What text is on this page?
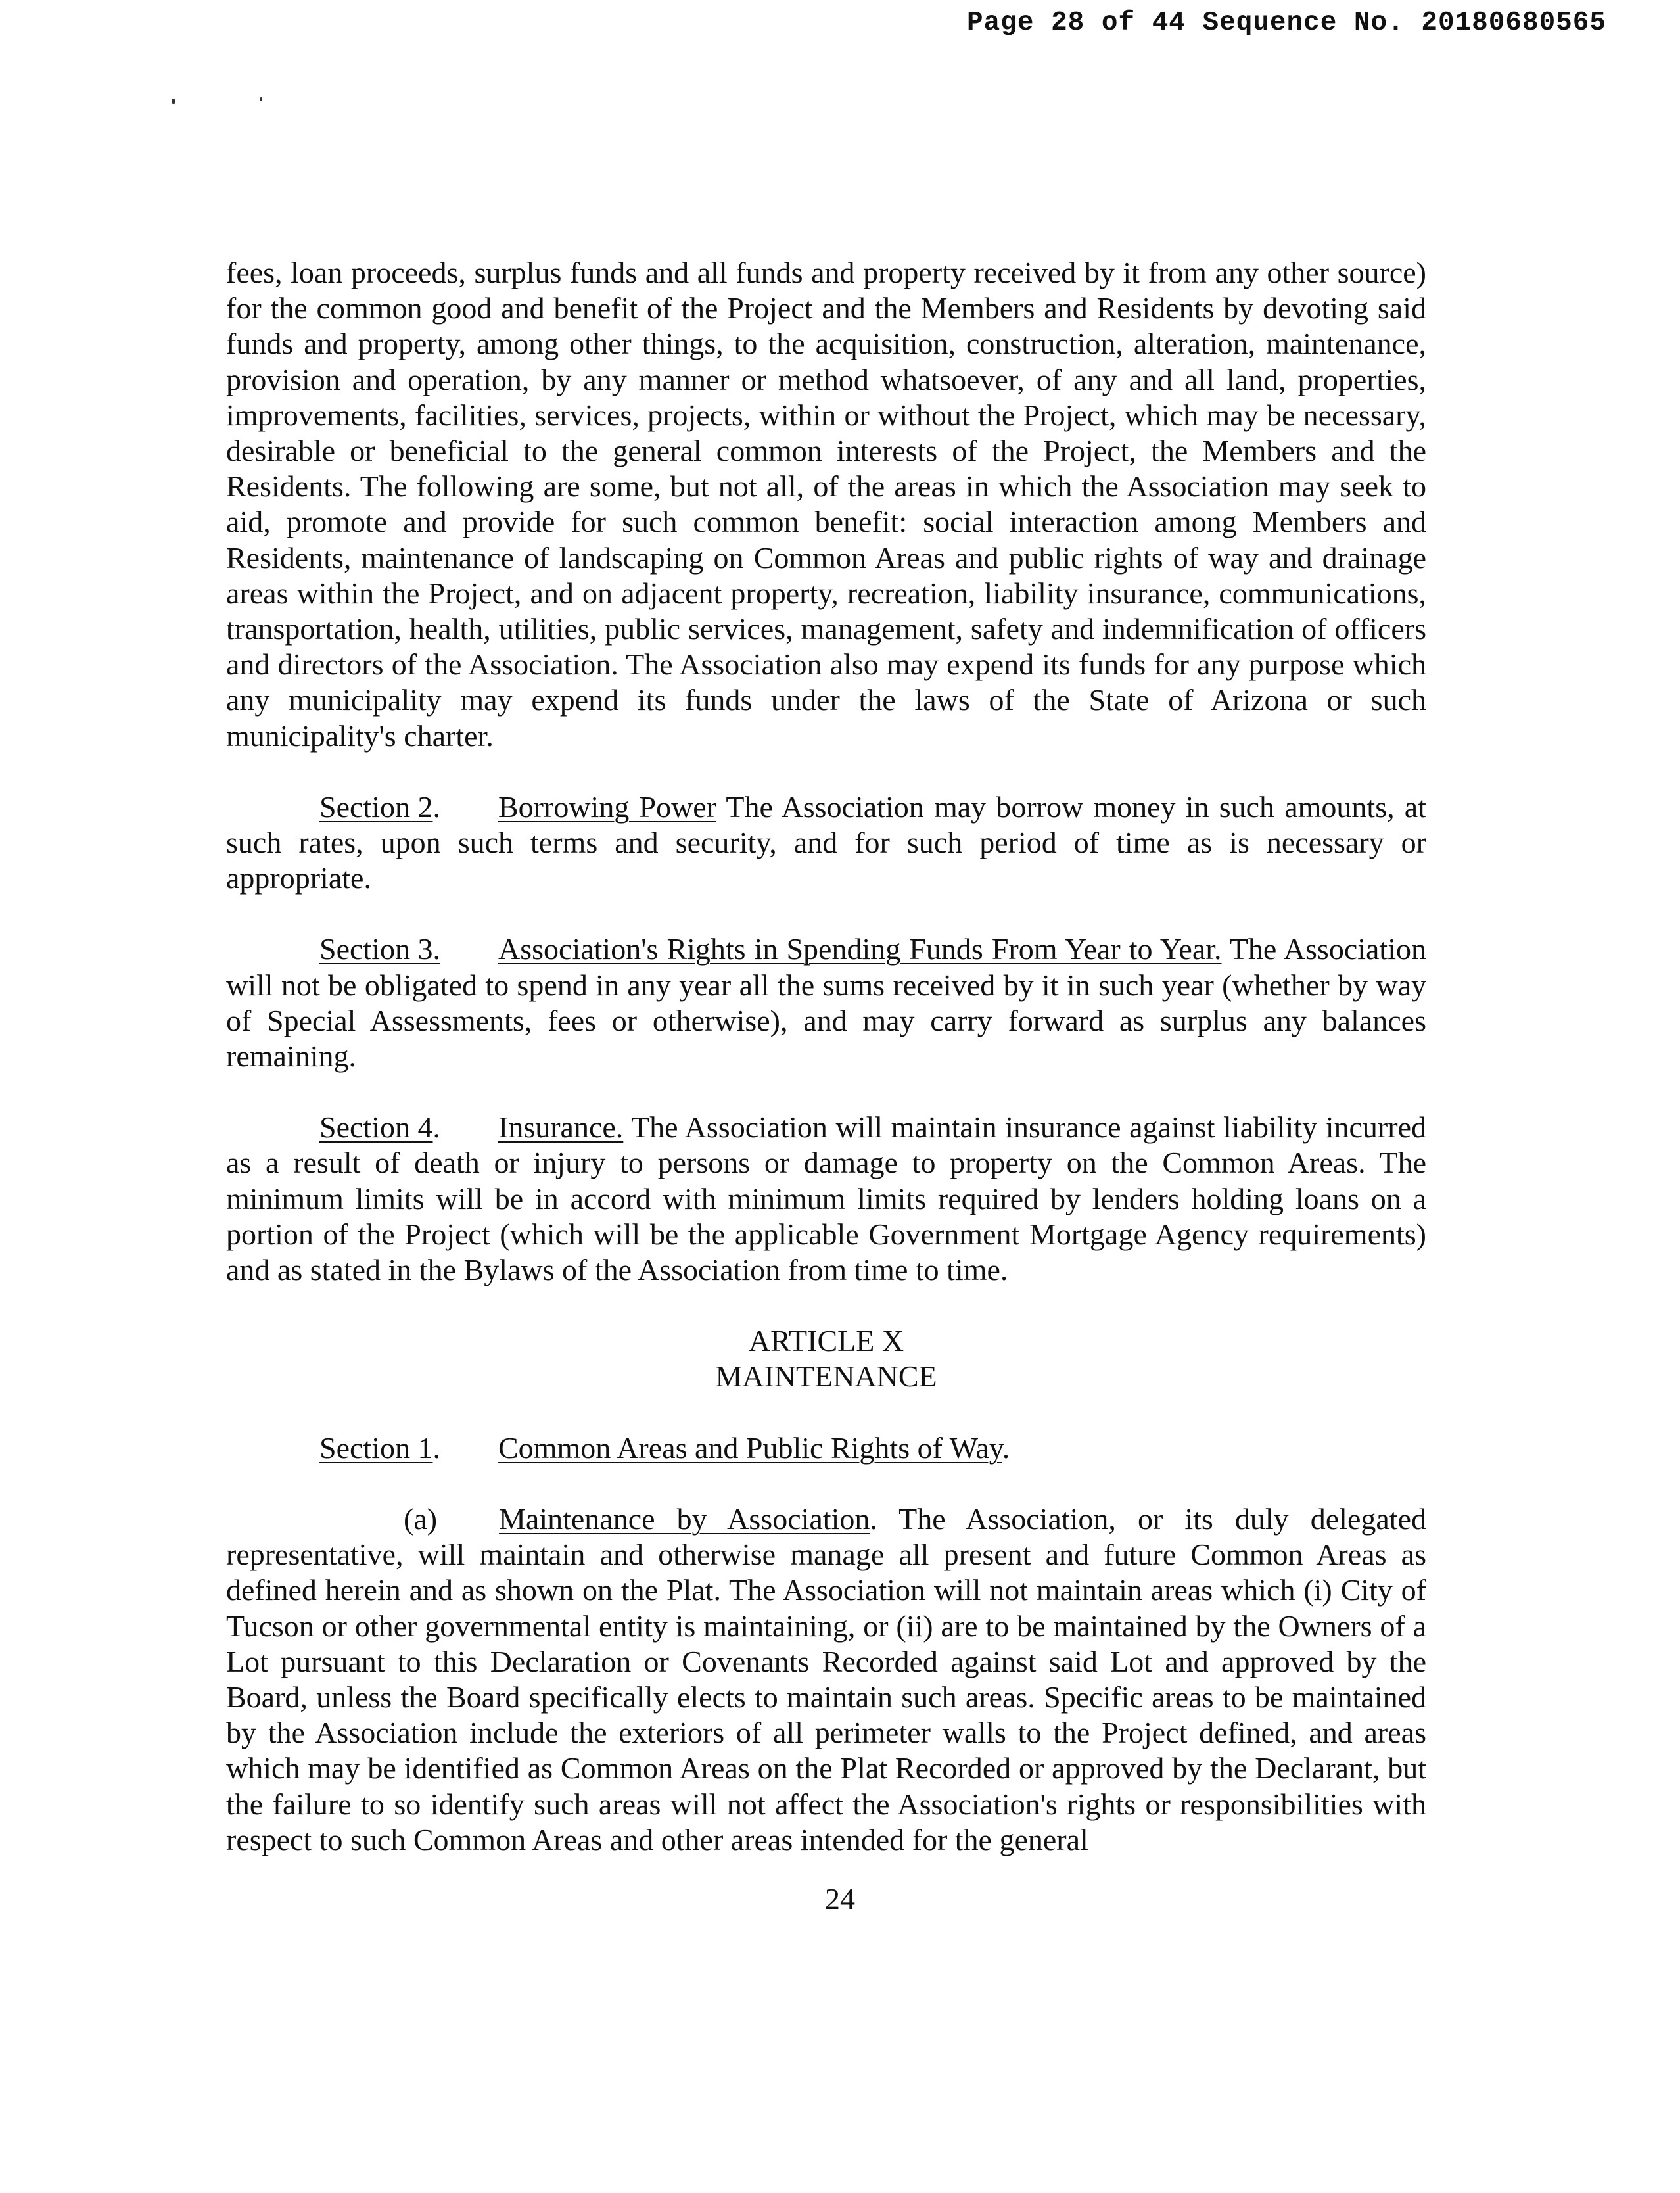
Page 28 of 44 Sequence No. 20180680565

fees, loan proceeds, surplus funds and all funds and property received by it from any other source) for the common good and benefit of the Project and the Members and Residents by devoting said funds and property, among other things, to the acquisition, construction, alteration, maintenance, provision and operation, by any manner or method whatsoever, of any and all land, properties, improvements, facilities, services, projects, within or without the Project, which may be necessary, desirable or beneficial to the general common interests of the Project, the Members and the Residents. The following are some, but not all, of the areas in which the Association may seek to aid, promote and provide for such common benefit: social interaction among Members and Residents, maintenance of landscaping on Common Areas and public rights of way and drainage areas within the Project, and on adjacent property, recreation, liability insurance, communications, transportation, health, utilities, public services, management, safety and indemnification of officers and directors of the Association. The Association also may expend its funds for any purpose which any municipality may expend its funds under the laws of the State of Arizona or such municipality's charter.

Section 2. Borrowing Power The Association may borrow money in such amounts, at such rates, upon such terms and security, and for such period of time as is necessary or appropriate.

Section 3. Association's Rights in Spending Funds From Year to Year. The Association will not be obligated to spend in any year all the sums received by it in such year (whether by way of Special Assessments, fees or otherwise), and may carry forward as surplus any balances remaining.

Section 4. Insurance. The Association will maintain insurance against liability incurred as a result of death or injury to persons or damage to property on the Common Areas. The minimum limits will be in accord with minimum limits required by lenders holding loans on a portion of the Project (which will be the applicable Government Mortgage Agency requirements) and as stated in the Bylaws of the Association from time to time.

ARTICLE X

MAINTENANCE

Section 1. Common Areas and Public Rights of Way.

(a) Maintenance by Association. The Association, or its duly delegated representative, will maintain and otherwise manage all present and future Common Areas as defined herein and as shown on the Plat. The Association will not maintain areas which (i) City of Tucson or other governmental entity is maintaining, or (ii) are to be maintained by the Owners of a Lot pursuant to this Declaration or Covenants Recorded against said Lot and approved by the Board, unless the Board specifically elects to maintain such areas. Specific areas to be maintained by the Association include the exteriors of all perimeter walls to the Project defined, and areas which may be identified as Common Areas on the Plat Recorded or approved by the Declarant, but the failure to so identify such areas will not affect the Association's rights or responsibilities with respect to such Common Areas and other areas intended for the general

24
